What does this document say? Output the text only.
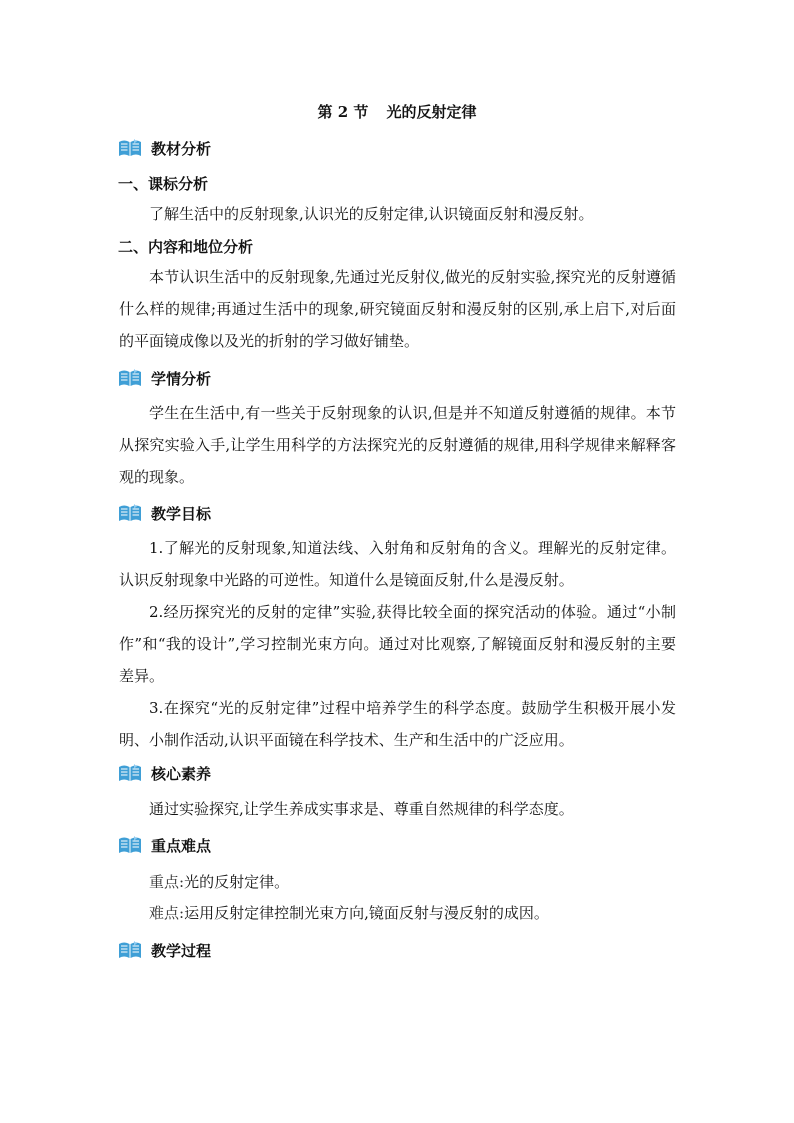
第 2 节 光的反射定律
教材分析
一、课标分析

了解生活中的反射现象,认识光的反射定律,认识镜面反射和漫反射。

二、内容和地位分析

本节认识生活中的反射现象,先通过光反射仪,做光的反射实验,探究光的反射遵循什么样的规律;再通过生活中的现象,研究镜面反射和漫反射的区别,承上启下,对后面的平面镜成像以及光的折射的学习做好铺垫。

学情分析

学生在生活中,有一些关于反射现象的认识,但是并不知道反射遵循的规律。本节从探究实验入手,让学生用科学的方法探究光的反射遵循的规律,用科学规律来解释客观的现象。

教学目标

1.了解光的反射现象,知道法线、入射角和反射角的含义。理解光的反射定律。认识反射现象中光路的可逆性。知道什么是镜面反射,什么是漫反射。

2.经历探究光的反射的定律”实验,获得比较全面的探究活动的体验。通过“小制作”和“我的设计”,学习控制光束方向。通过对比观察,了解镜面反射和漫反射的主要差异。

3.在探究“光的反射定律”过程中培养学生的科学态度。鼓励学生积极开展小发明、小制作活动,认识平面镜在科学技术、生产和生活中的广泛应用。

核心素养

通过实验探究,让学生养成实事求是、尊重自然规律的科学态度。

重点难点

重点:光的反射定律。

难点:运用反射定律控制光束方向,镜面反射与漫反射的成因。

教学过程
